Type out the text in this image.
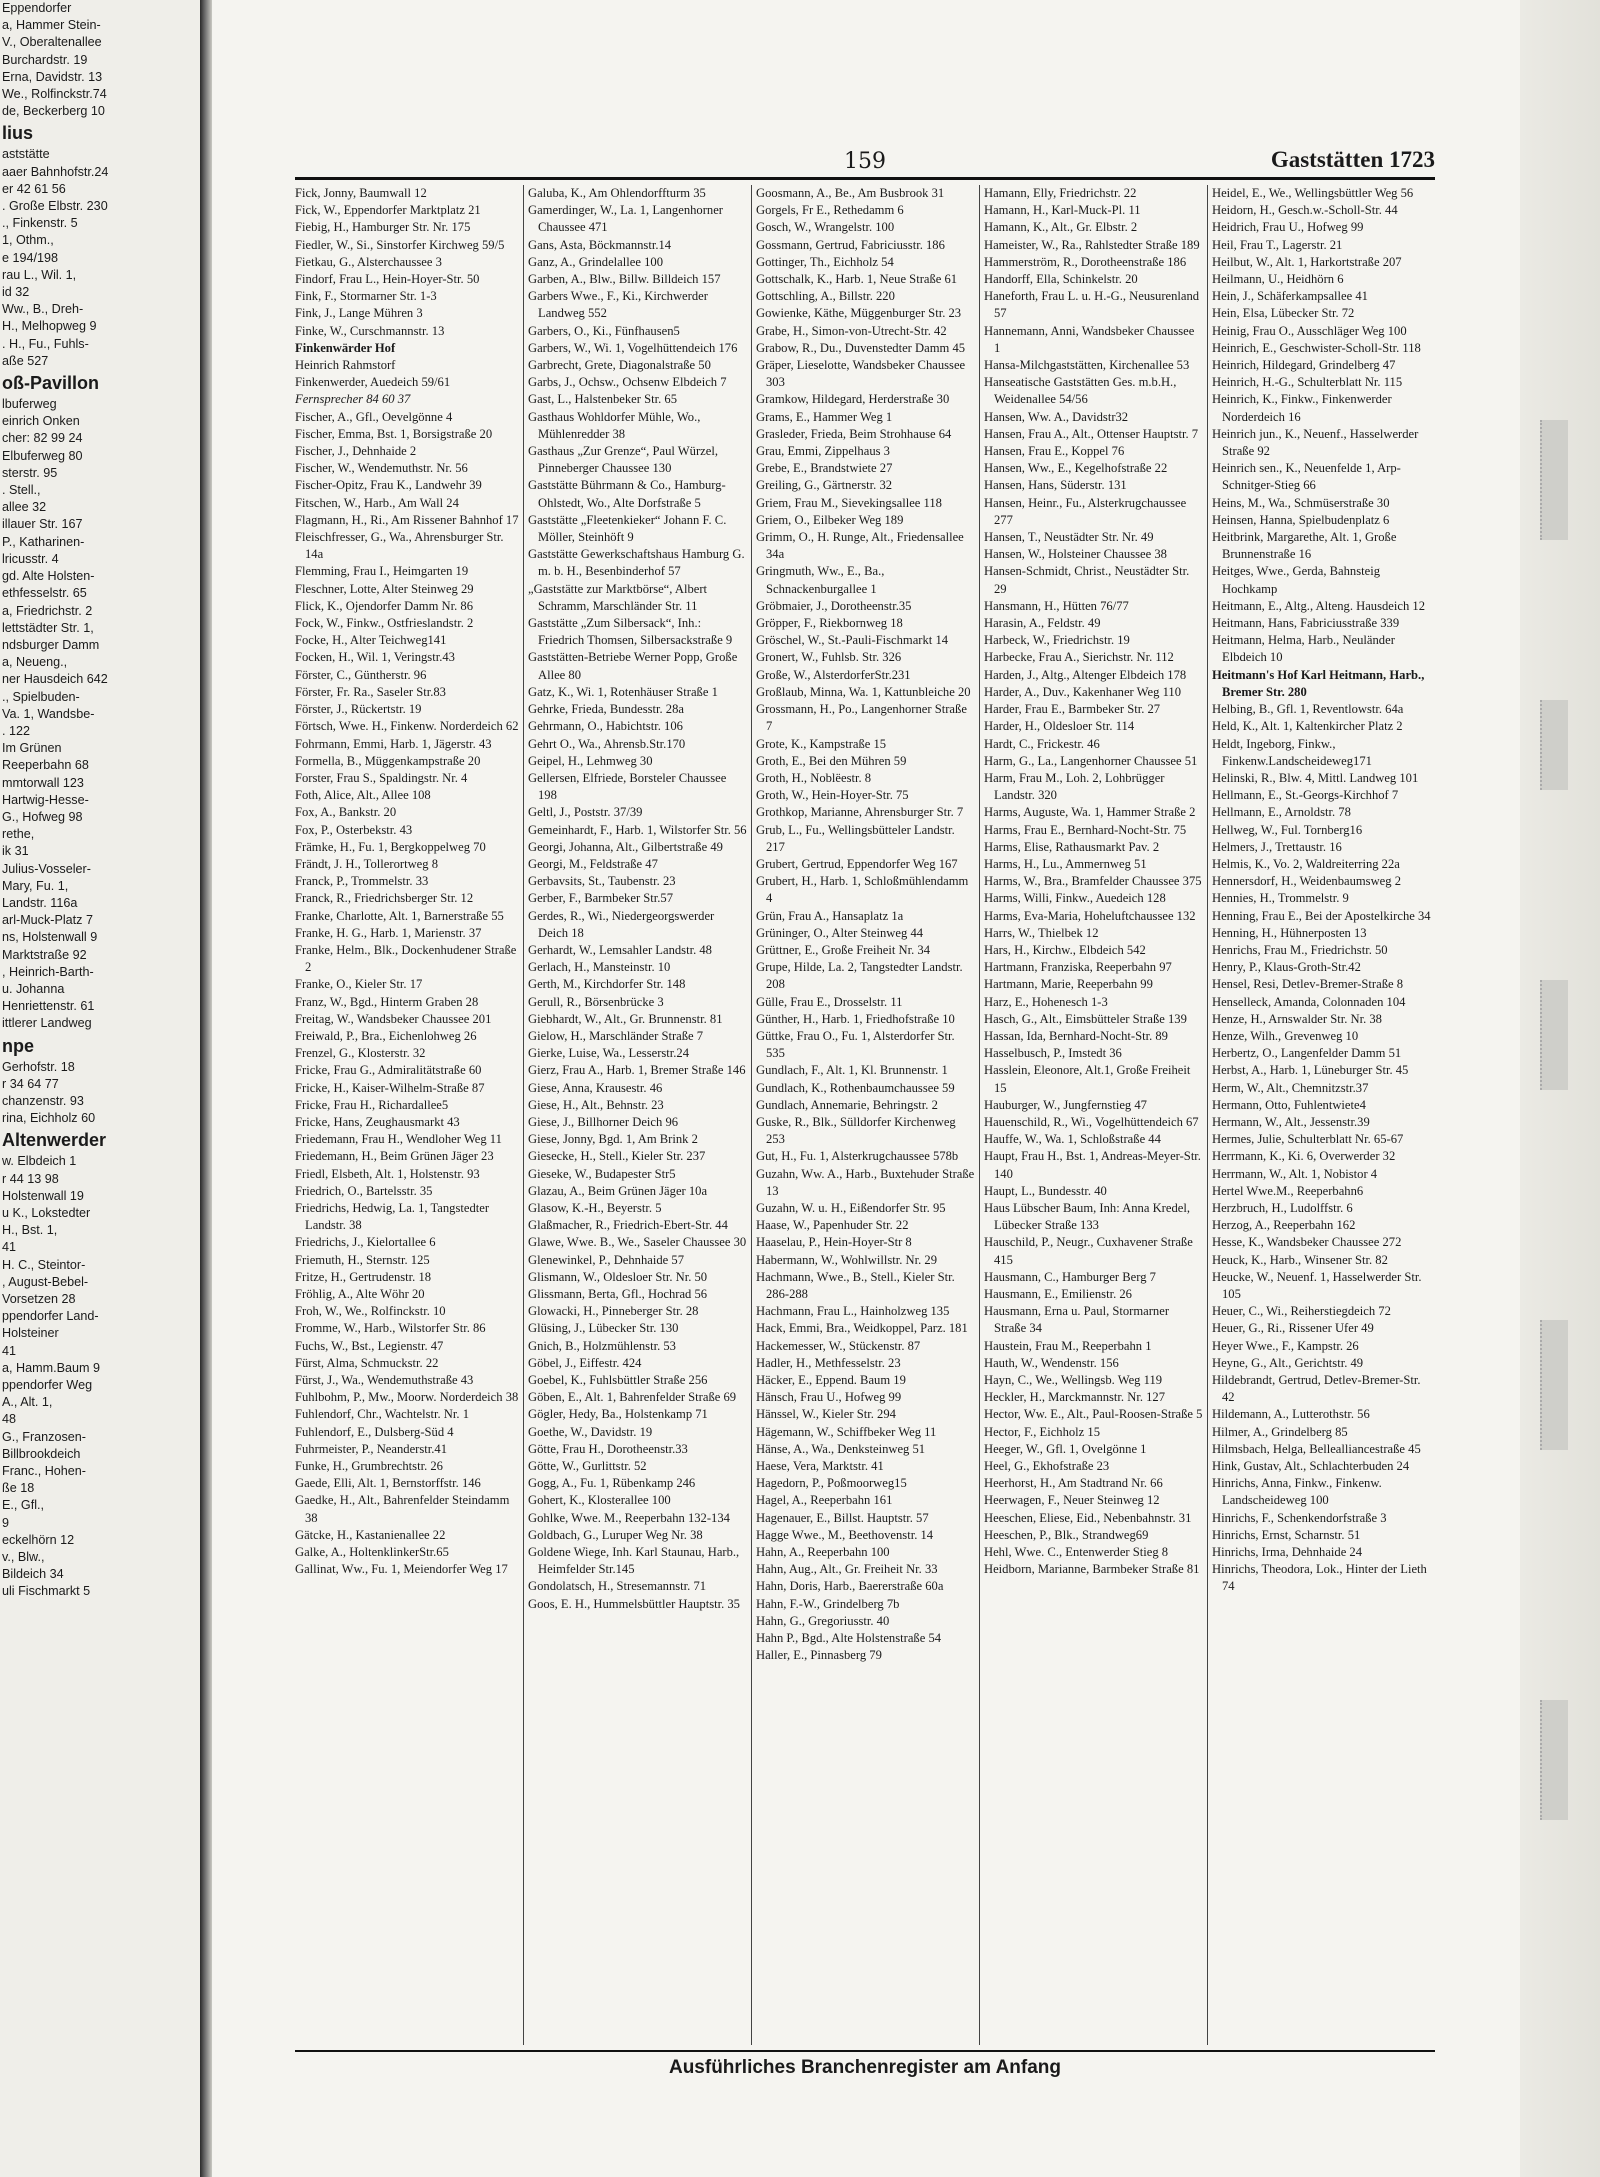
Eppendorfer
a, Hammer Stein-
V., Oberaltenallee
Burchardstr. 19
Erna, Davidstr. 13
We., Rolfinckstr.74
de, Beckerberg 10
lius
aststätte
aaer Bahnhofstr.24
er 42 61 56
. Große Elbstr. 230
., Finkenstr. 5
1, Othm.,
e 194/198
rau L., Wil. 1,
id 32
Ww., B., Dreh-
H., Melhopweg 9
. H., Fu., Fuhls-
aße 527
oß-Pavillon
lbuferweg
einrich Onken
cher: 82 99 24
Elbuferweg 80
sterstr. 95
. Stell.,
allee 32
illauer Str. 167
P., Katharinen-
lricusstr. 4
gd. Alte Holsten-
ethfesselstr. 65
a, Friedrichstr. 2
lettstädter Str. 1,
ndsburger Damm
a, Neueng.,
ner Hausdeich 642
., Spielbuden-
Va. 1, Wandsbe-
. 122
Im Grünen
Reeperbahn 68
mmtorwall 123
Hartwig-Hesse-
G., Hofweg 98
rethe,
ik 31
Julius-Vosseler-
Mary, Fu. 1,
Landstr. 116a
arl-Muck-Platz 7
ns, Holstenwall 9
Marktstraße 92
, Heinrich-Barth-
u. Johanna
Henriettenstr. 61
ittlerer Landweg
npe
Gerhofstr. 18
r 34 64 77
chanzenstr. 93
rina, Eichholz 60
Altenwerder
w. Elbdeich 1
r 44 13 98
Holstenwall 19
u K., Lokstedter
H., Bst. 1,
41
H. C., Steintor-
, August-Bebel-
Vorsetzen 28
ppendorfer Land-
Holsteiner
41
a, Hamm.Baum 9
ppendorfer Weg
A., Alt. 1,
48
G., Franzosen-
Billbrookdeich
Franc., Hohen-
ße 18
E., Gfl.,
9
eckelhörn 12
v., Blw.,
Bildeich 34
uli Fischmarkt 5
159	Gaststätten 1723

Fick, Jonny, Baumwall 12

Fick, W., Eppendorfer Marktplatz 21

Fiebig, H., Hamburger Str. Nr. 175

Fiedler, W., Si., Sinstorfer Kirchweg 59/5

Fietkau, G., Alsterchaussee 3

Findorf, Frau L., Hein-Hoyer-Str. 50

Fink, F., Stormarner Str. 1-3

Fink, J., Lange Mühren 3

Finke, W., Curschmannstr. 13

Finkenwärder Hof

Heinrich Rahmstorf

Finkenwerder, Auedeich 59/61

Fernsprecher 84 60 37

Fischer, A., Gfl., Oevelgönne 4

Fischer, Emma, Bst. 1, Borsigstraße 20

Fischer, J., Dehnhaide 2

Fischer, W., Wendemuthstr. Nr. 56

Fischer-Opitz, Frau K., Landwehr 39

Fitschen, W., Harb., Am Wall 24

Flagmann, H., Ri., Am Rissener Bahnhof 17

Fleischfresser, G., Wa., Ahrensburger Str. 14a

Flemming, Frau I., Heimgarten 19

Fleschner, Lotte, Alter Steinweg 29

Flick, K., Ojendorfer Damm Nr. 86

Fock, W., Finkw., Ostfrieslandstr. 2

Focke, H., Alter Teichweg141

Focken, H., Wil. 1, Veringstr.43

Förster, C., Güntherstr. 96

Förster, Fr. Ra., Saseler Str.83

Förster, J., Rückertstr. 19

Förtsch, Wwe. H., Finkenw. Norderdeich 62

Fohrmann, Emmi, Harb. 1, Jägerstr. 43

Formella, B., Müggenkampstraße 20

Forster, Frau S., Spaldingstr. Nr. 4

Foth, Alice, Alt., Allee 108

Fox, A., Bankstr. 20

Fox, P., Osterbekstr. 43

Främke, H., Fu. 1, Bergkoppelweg 70

Frändt, J. H., Tollerortweg 8

Franck, P., Trommelstr. 33

Franck, R., Friedrichsberger Str. 12

Franke, Charlotte, Alt. 1, Barnerstraße 55

Franke, H. G., Harb. 1, Marienstr. 37

Franke, Helm., Blk., Dockenhudener Straße 2

Franke, O., Kieler Str. 17

Franz, W., Bgd., Hinterm Graben 28

Freitag, W., Wandsbeker Chaussee 201

Freiwald, P., Bra., Eichenlohweg 26

Frenzel, G., Klosterstr. 32

Fricke, Frau G., Admiralitätstraße 60

Fricke, H., Kaiser-Wilhelm-Straße 87

Fricke, Frau H., Richardallee5

Fricke, Hans, Zeughausmarkt 43

Friedemann, Frau H., Wendloher Weg 11

Friedemann, H., Beim Grünen Jäger 23

Friedl, Elsbeth, Alt. 1, Holstenstr. 93

Friedrich, O., Bartelsstr. 35

Friedrichs, Hedwig, La. 1, Tangstedter Landstr. 38

Friedrichs, J., Kielortallee 6

Friemuth, H., Sternstr. 125

Fritze, H., Gertrudenstr. 18

Fröhlig, A., Alte Wöhr 20

Froh, W., We., Rolfinckstr. 10

Fromme, W., Harb., Wilstorfer Str. 86

Fuchs, W., Bst., Legienstr. 47

Fürst, Alma, Schmuckstr. 22

Fürst, J., Wa., Wendemuthstraße 43

Fuhlbohm, P., Mw., Moorw. Norderdeich 38

Fuhlendorf, Chr., Wachtelstr. Nr. 1

Fuhlendorf, E., Dulsberg-Süd 4

Fuhrmeister, P., Neanderstr.41

Funke, H., Grumbrechtstr. 26

Gaede, Elli, Alt. 1, Bernstorffstr. 146

Gaedke, H., Alt., Bahrenfelder Steindamm 38

Gätcke, H., Kastanienallee 22

Galke, A., HoltenklinkerStr.65

Gallinat, Ww., Fu. 1, Meiendorfer Weg 17

Galuba, K., Am Ohlendorffturm 35

Gamerdinger, W., La. 1, Langenhorner Chaussee 471

Gans, Asta, Böckmannstr.14

Ganz, A., Grindelallee 100

Garben, A., Blw., Billw. Billdeich 157

Garbers Wwe., F., Ki., Kirchwerder Landweg 552

Garbers, O., Ki., Fünfhausen5

Garbers, W., Wi. 1, Vogelhüttendeich 176

Garbrecht, Grete, Diagonalstraße 50

Garbs, J., Ochsw., Ochsenw Elbdeich 7

Gast, L., Halstenbeker Str. 65

Gasthaus Wohldorfer Mühle, Wo., Mühlenredder 38

Gasthaus „Zur Grenze“, Paul Würzel, Pinneberger Chaussee 130

Gaststätte Bührmann & Co., Hamburg-Ohlstedt, Wo., Alte Dorfstraße 5

Gaststätte „Fleetenkieker“ Johann F. C. Möller, Steinhöft 9

Gaststätte Gewerkschaftshaus Hamburg G. m. b. H., Besenbinderhof 57

„Gaststätte zur Marktbörse“, Albert Schramm, Marschländer Str. 11

Gaststätte „Zum Silbersack“, Inh.: Friedrich Thomsen, Silbersackstraße 9

Gaststätten-Betriebe Werner Popp, Große Allee 80

Gatz, K., Wi. 1, Rotenhäuser Straße 1

Gehrke, Frieda, Bundesstr. 28a

Gehrmann, O., Habichtstr. 106

Gehrt O., Wa., Ahrensb.Str.170

Geipel, H., Lehmweg 30

Gellersen, Elfriede, Borsteler Chaussee 198

Geltl, J., Poststr. 37/39

Gemeinhardt, F., Harb. 1, Wilstorfer Str. 56

Georgi, Johanna, Alt., Gilbertstraße 49

Georgi, M., Feldstraße 47

Gerbavsits, St., Taubenstr. 23

Gerber, F., Barmbeker Str.57

Gerdes, R., Wi., Niedergeorgswerder Deich 18

Gerhardt, W., Lemsahler Landstr. 48

Gerlach, H., Mansteinstr. 10

Gerth, M., Kirchdorfer Str. 148

Gerull, R., Börsenbrücke 3

Giebhardt, W., Alt., Gr. Brunnenstr. 81

Gielow, H., Marschländer Straße 7

Gierke, Luise, Wa., Lesserstr.24

Gierz, Frau A., Harb. 1, Bremer Straße 146

Giese, Anna, Krausestr. 46

Giese, H., Alt., Behnstr. 23

Giese, J., Billhorner Deich 96

Giese, Jonny, Bgd. 1, Am Brink 2

Giesecke, H., Stell., Kieler Str. 237

Gieseke, W., Budapester Str5

Glazau, A., Beim Grünen Jäger 10a

Glasow, K.-H., Beyerstr. 5

Glaßmacher, R., Friedrich-Ebert-Str. 44

Glawe, Wwe. B., We., Saseler Chaussee 30

Glenewinkel, P., Dehnhaide 57

Glismann, W., Oldesloer Str. Nr. 50

Glissmann, Berta, Gfl., Hochrad 56

Glowacki, H., Pinneberger Str. 28

Glüsing, J., Lübecker Str. 130

Gnich, B., Holzmühlenstr. 53

Göbel, J., Eiffestr. 424

Goebel, K., Fuhlsbüttler Straße 256

Göben, E., Alt. 1, Bahrenfelder Straße 69

Gögler, Hedy, Ba., Holstenkamp 71

Goethe, W., Davidstr. 19

Götte, Frau H., Dorotheenstr.33

Götte, W., Gurlittstr. 52

Gogg, A., Fu. 1, Rübenkamp 246

Gohert, K., Klosterallee 100

Gohlke, Wwe. M., Reeperbahn 132-134

Goldbach, G., Luruper Weg Nr. 38

Goldene Wiege, Inh. Karl Staunau, Harb., Heimfelder Str.145

Gondolatsch, H., Stresemannstr. 71

Goos, E. H., Hummelsbüttler Hauptstr. 35

Goosmann, A., Be., Am Busbrook 31

Gorgels, Fr E., Rethedamm 6

Gosch, W., Wrangelstr. 100

Gossmann, Gertrud, Fabriciusstr. 186

Gottinger, Th., Eichholz 54

Gottschalk, K., Harb. 1, Neue Straße 61

Gottschling, A., Billstr. 220

Gowienke, Käthe, Müggenburger Str. 23

Grabe, H., Simon-von-Utrecht-Str. 42

Grabow, R., Du., Duvenstedter Damm 45

Gräper, Lieselotte, Wandsbeker Chaussee 303

Gramkow, Hildegard, Herderstraße 30

Grams, E., Hammer Weg 1

Grasleder, Frieda, Beim Strohhause 64

Grau, Emmi, Zippelhaus 3

Grebe, E., Brandstwiete 27

Greiling, G., Gärtnerstr. 32

Griem, Frau M., Sievekingsallee 118

Griem, O., Eilbeker Weg 189

Grimm, O., H. Runge, Alt., Friedensallee 34a

Gringmuth, Ww., E., Ba., Schnackenburgallee 1

Gröbmaier, J., Dorotheenstr.35

Gröpper, F., Riekbornweg 18

Gröschel, W., St.-Pauli-Fischmarkt 14

Gronert, W., Fuhlsb. Str. 326

Große, W., AlsterdorferStr.231

Großlaub, Minna, Wa. 1, Kattunbleiche 20

Grossmann, H., Po., Langenhorner Straße 7

Grote, K., Kampstraße 15

Groth, E., Bei den Mühren 59

Groth, H., Noblëestr. 8

Groth, W., Hein-Hoyer-Str. 75

Grothkop, Marianne, Ahrensburger Str. 7

Grub, L., Fu., Wellingsbütteler Landstr. 217

Grubert, Gertrud, Eppendorfer Weg 167

Grubert, H., Harb. 1, Schloßmühlendamm 4

Grün, Frau A., Hansaplatz 1a

Grüninger, O., Alter Steinweg 44

Grüttner, E., Große Freiheit Nr. 34

Grupe, Hilde, La. 2, Tangstedter Landstr. 208

Gülle, Frau E., Drosselstr. 11

Günther, H., Harb. 1, Friedhofstraße 10

Güttke, Frau O., Fu. 1, Alsterdorfer Str. 535

Gundlach, F., Alt. 1, Kl. Brunnenstr. 1

Gundlach, K., Rothenbaumchaussee 59

Gundlach, Annemarie, Behringstr. 2

Guske, R., Blk., Sülldorfer Kirchenweg 253

Gut, H., Fu. 1, Alsterkrugchaussee 578b

Guzahn, Ww. A., Harb., Buxtehuder Straße 13

Guzahn, W. u. H., Eißendorfer Str. 95

Haase, W., Papenhuder Str. 22

Haaselau, P., Hein-Hoyer-Str 8

Habermann, W., Wohlwillstr. Nr. 29

Hachmann, Wwe., B., Stell., Kieler Str. 286-288

Hachmann, Frau L., Hainholzweg 135

Hack, Emmi, Bra., Weidkoppel, Parz. 181

Hackemesser, W., Stückenstr. 87

Hadler, H., Methfesselstr. 23

Häcker, E., Eppend. Baum 19

Hänsch, Frau U., Hofweg 99

Hänssel, W., Kieler Str. 294

Hägemann, W., Schiffbeker Weg 11

Hänse, A., Wa., Denksteinweg 51

Haese, Vera, Marktstr. 41

Hagedorn, P., Poßmoorweg15

Hagel, A., Reeperbahn 161

Hagenauer, E., Billst. Hauptstr. 57

Hagge Wwe., M., Beethovenstr. 14

Hahn, A., Reeperbahn 100

Hahn, Aug., Alt., Gr. Freiheit Nr. 33

Hahn, Doris, Harb., Baererstraße 60a

Hahn, F.-W., Grindelberg 7b

Hahn, G., Gregoriusstr. 40

Hahn P., Bgd., Alte Holstenstraße 54

Haller, E., Pinnasberg 79

Hamann, Elly, Friedrichstr. 22

Hamann, H., Karl-Muck-Pl. 11

Hamann, K., Alt., Gr. Elbstr. 2

Hameister, W., Ra., Rahlstedter Straße 189

Hammerström, R., Dorotheenstraße 186

Handorff, Ella, Schinkelstr. 20

Haneforth, Frau L. u. H.-G., Neusurenland 57

Hannemann, Anni, Wandsbeker Chaussee 1

Hansa-Milchgaststätten, Kirchenallee 53

Hanseatische Gaststätten Ges. m.b.H., Weidenallee 54/56

Hansen, Ww. A., Davidstr32

Hansen, Frau A., Alt., Ottenser Hauptstr. 7

Hansen, Frau E., Koppel 76

Hansen, Ww., E., Kegelhofstraße 22

Hansen, Hans, Süderstr. 131

Hansen, Heinr., Fu., Alsterkrugchaussee 277

Hansen, T., Neustädter Str. Nr. 49

Hansen, W., Holsteiner Chaussee 38

Hansen-Schmidt, Christ., Neustädter Str. 29

Hansmann, H., Hütten 76/77

Harasin, A., Feldstr. 49

Harbeck, W., Friedrichstr. 19

Harbecke, Frau A., Sierichstr. Nr. 112

Harden, J., Altg., Altenger Elbdeich 178

Harder, A., Duv., Kakenhaner Weg 110

Harder, Frau E., Barmbeker Str. 27

Harder, H., Oldesloer Str. 114

Hardt, C., Frickestr. 46

Harm, G., La., Langenhorner Chaussee 51

Harm, Frau M., Loh. 2, Lohbrügger Landstr. 320

Harms, Auguste, Wa. 1, Hammer Straße 2

Harms, Frau E., Bernhard-Nocht-Str. 75

Harms, Elise, Rathausmarkt Pav. 2

Harms, H., Lu., Ammernweg 51

Harms, W., Bra., Bramfelder Chaussee 375

Harms, Willi, Finkw., Auedeich 128

Harms, Eva-Maria, Hoheluftchaussee 132

Harrs, W., Thielbek 12

Hars, H., Kirchw., Elbdeich 542

Hartmann, Franziska, Reeperbahn 97

Hartmann, Marie, Reeperbahn 99

Harz, E., Hohenesch 1-3

Hasch, G., Alt., Eimsbütteler Straße 139

Hassan, Ida, Bernhard-Nocht-Str. 89

Hasselbusch, P., Imstedt 36

Hasslein, Eleonore, Alt.1, Große Freiheit 15

Hauburger, W., Jungfernstieg 47

Hauenschild, R., Wi., Vogelhüttendeich 67

Hauffe, W., Wa. 1, Schloßstraße 44

Haupt, Frau H., Bst. 1, Andreas-Meyer-Str. 140

Haupt, L., Bundesstr. 40

Haus Lübscher Baum, Inh: Anna Kredel, Lübecker Straße 133

Hauschild, P., Neugr., Cuxhavener Straße 415

Hausmann, C., Hamburger Berg 7

Hausmann, E., Emilienstr. 26

Hausmann, Erna u. Paul, Stormarner Straße 34

Haustein, Frau M., Reeperbahn 1

Hauth, W., Wendenstr. 156

Hayn, C., We., Wellingsb. Weg 119

Heckler, H., Marckmannstr. Nr. 127

Hector, Ww. E., Alt., Paul-Roosen-Straße 5

Hector, F., Eichholz 15

Heeger, W., Gfl. 1, Ovelgönne 1

Heel, G., Ekhofstraße 23

Heerhorst, H., Am Stadtrand Nr. 66

Heerwagen, F., Neuer Steinweg 12

Heeschen, Eliese, Eid., Nebenbahnstr. 31

Heeschen, P., Blk., Strandweg69

Hehl, Wwe. C., Entenwerder Stieg 8

Heidborn, Marianne, Barmbeker Straße 81

Heidel, E., We., Wellingsbüttler Weg 56

Heidorn, H., Gesch.w.-Scholl-Str. 44

Heidrich, Frau U., Hofweg 99

Heil, Frau T., Lagerstr. 21

Heilbut, W., Alt. 1, Harkortstraße 207

Heilmann, U., Heidhörn 6

Hein, J., Schäferkampsallee 41

Hein, Elsa, Lübecker Str. 72

Heinig, Frau O., Ausschläger Weg 100

Heinrich, E., Geschwister-Scholl-Str. 118

Heinrich, Hildegard, Grindelberg 47

Heinrich, H.-G., Schulterblatt Nr. 115

Heinrich, K., Finkw., Finkenwerder Norderdeich 16

Heinrich jun., K., Neuenf., Hasselwerder Straße 92

Heinrich sen., K., Neuenfelde 1, Arp-Schnitger-Stieg 66

Heins, M., Wa., Schmüserstraße 30

Heinsen, Hanna, Spielbudenplatz 6

Heitbrink, Margarethe, Alt. 1, Große Brunnenstraße 16

Heitges, Wwe., Gerda, Bahnsteig Hochkamp

Heitmann, E., Altg., Alteng. Hausdeich 12

Heitmann, Hans, Fabriciusstraße 339

Heitmann, Helma, Harb., Neuländer Elbdeich 10

Heitmann's Hof Karl Heitmann, Harb., Bremer Str. 280

Helbing, B., Gfl. 1, Reventlowstr. 64a

Held, K., Alt. 1, Kaltenkircher Platz 2

Heldt, Ingeborg, Finkw., Finkenw.Landscheideweg171

Helinski, R., Blw. 4, Mittl. Landweg 101

Hellmann, E., St.-Georgs-Kirchhof 7

Hellmann, E., Arnoldstr. 78

Hellweg, W., Ful. Tornberg16

Helmers, J., Trettaustr. 16

Helmis, K., Vo. 2, Waldreiterring 22a

Hennersdorf, H., Weidenbaumsweg 2

Hennies, H., Trommelstr. 9

Henning, Frau E., Bei der Apostelkirche 34

Henning, H., Hühnerposten 13

Henrichs, Frau M., Friedrichstr. 50

Henry, P., Klaus-Groth-Str.42

Hensel, Resi, Detlev-Bremer-Straße 8

Henselleck, Amanda, Colonnaden 104

Henze, H., Arnswalder Str. Nr. 38

Henze, Wilh., Grevenweg 10

Herbertz, O., Langenfelder Damm 51

Herbst, A., Harb. 1, Lüneburger Str. 45

Herm, W., Alt., Chemnitzstr.37

Hermann, Otto, Fuhlentwiete4

Hermann, W., Alt., Jessenstr.39

Hermes, Julie, Schulterblatt Nr. 65-67

Herrmann, K., Ki. 6, Overwerder 32

Herrmann, W., Alt. 1, Nobistor 4

Hertel Wwe.M., Reeperbahn6

Herzbruch, H., Ludolffstr. 6

Herzog, A., Reeperbahn 162

Hesse, K., Wandsbeker Chaussee 272

Heuck, K., Harb., Winsener Str. 82

Heucke, W., Neuenf. 1, Hasselwerder Str. 105

Heuer, C., Wi., Reiherstiegdeich 72

Heuer, G., Ri., Rissener Ufer 49

Heyer Wwe., F., Kampstr. 26

Heyne, G., Alt., Gerichtstr. 49

Hildebrandt, Gertrud, Detlev-Bremer-Str. 42

Hildemann, A., Lutterothstr. 56

Hilmer, A., Grindelberg 85

Hilmsbach, Helga, Bellealliancestraße 45

Hink, Gustav, Alt., Schlachterbuden 24

Hinrichs, Anna, Finkw., Finkenw. Landscheideweg 100

Hinrichs, F., Schenkendorfstraße 3

Hinrichs, Ernst, Scharnstr. 51

Hinrichs, Irma, Dehnhaide 24

Hinrichs, Theodora, Lok., Hinter der Lieth 74

Ausführliches Branchenregister am Anfang
